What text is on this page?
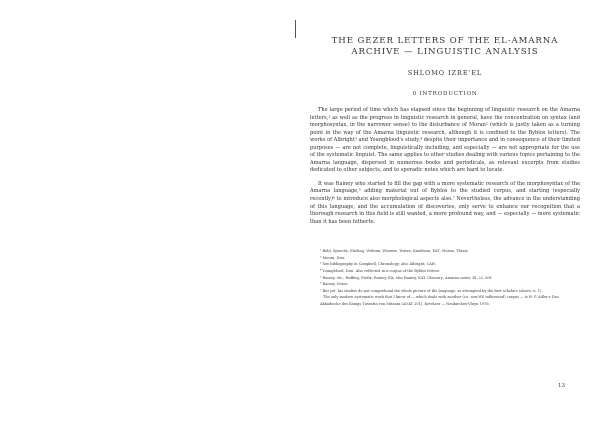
THE GEZER LETTERS OF THE EL-AMARNA
ARCHIVE — LINGUISTIC ANALYSIS
SHLOMO IZRE'EL
0 INTRODUCTION

The large period of time which has elapsed since the beginning of linguistic research on the Amarna letters,¹ as well as the progress in linguistic research in general, have the concentration on syntax (and morphosyntax, in the narrower sense) to the disturbance of Moran² (which is justly taken as a turning point in the way of the Amarna linguistic research, although it is confined to the Byblos letters). The works of Albright³ and Youngblood's study,⁴ despite their importance and in consequence of their limited purposes — are not complete, linguistically including, and especially — are not appropriate for the use of the systematic linguist. The same applies to other studies dealing with various topics pertaining to the Amarna language, dispersed in numerous books and periodicals, as relevant excerpts from studies dedicated to other subjects, and to sporadic notes which are hard to locate.

It was Rainey who started to fill the gap with a more systematic research of the morphosyntax of the Amarna language,⁵ adding material out of Byblos to the studied corpus, and starting (especially recently)⁶ to introduce also morphological aspects also.⁷ Nevertheless, the advance in the understanding of this language, and the accumulation of discoveries, only serve to enhance our recognition that a thorough research in this field is still wanted, a more profound way, and — especially — more systematic than it has been hitherto.

¹ Böhl, Sprache; Ebeling, Verbum; Dhorme, Textes; Knudtzon, EAT; Moran, Thesis.
² Moran, Diss.
³ See bibliography in Campbell, Chronology; also Albright, CAH.
⁴ Youngblood, Diss. Also reflected in a corpus of the Byblos letters.
⁵ Rainey, etc.; Ruffing, Prefix; Rainey, EA; also Rainey, EAT, Glossary; Amarna notes; EL 22, 60f.
⁶ Rainey, Notes.
⁷ But yet, his studies do not comprehend the whole picture of the language, as attempted by the first scholars (above, n. 1).
The only modern systematic work that I know of — which deals with another (i.e. non-WS influenced) corpus — is H. P. Adler's Das Akkadische des Königs Tušratta von Mitanni (AOAT 201), Kevelaer — Neukirchen-Vluyn 1976.
13
